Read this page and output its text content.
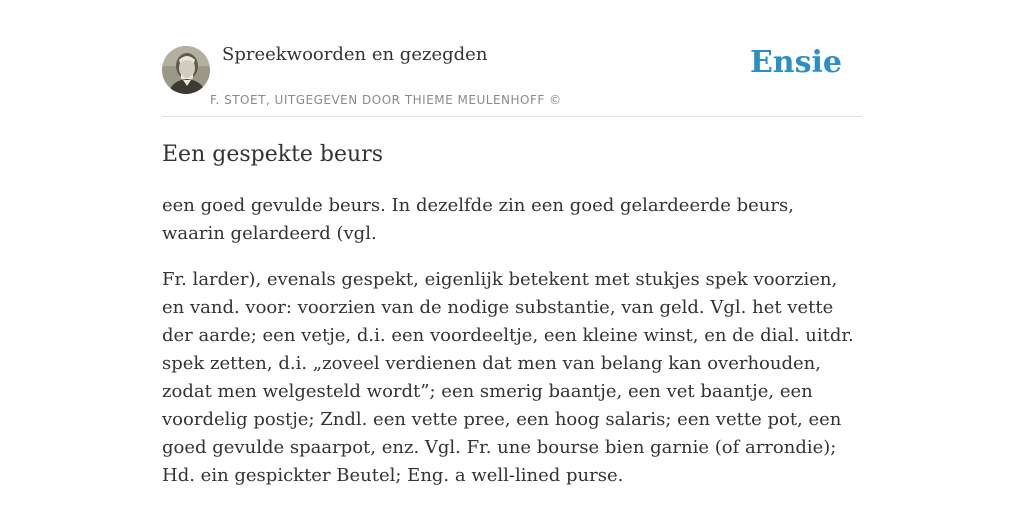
Spreekwoorden en gezegden
F. STOET, UITGEGEVEN DOOR THIEME MEULENHOFF ©
Ensie
Een gespekte beurs

een goed gevulde beurs. In dezelfde zin een goed gelardeerde beurs, waarin gelardeerd (vgl.

Fr. larder), evenals gespekt, eigenlijk betekent met stukjes spek voorzien, en vand. voor: voorzien van de nodige substantie, van geld. Vgl. het vette der aarde; een vetje, d.i. een voordeeltje, een kleine winst, en de dial. uitdr. spek zetten, d.i. „zoveel verdienen dat men van belang kan overhouden, zodat men welgesteld wordt”; een smerig baantje, een vet baantje, een voordelig postje; Zndl. een vette pree, een hoog salaris; een vette pot, een goed gevulde spaarpot, enz. Vgl. Fr. une bourse bien garnie (of arrondie); Hd. ein gespickter Beutel; Eng. a well-lined purse.
